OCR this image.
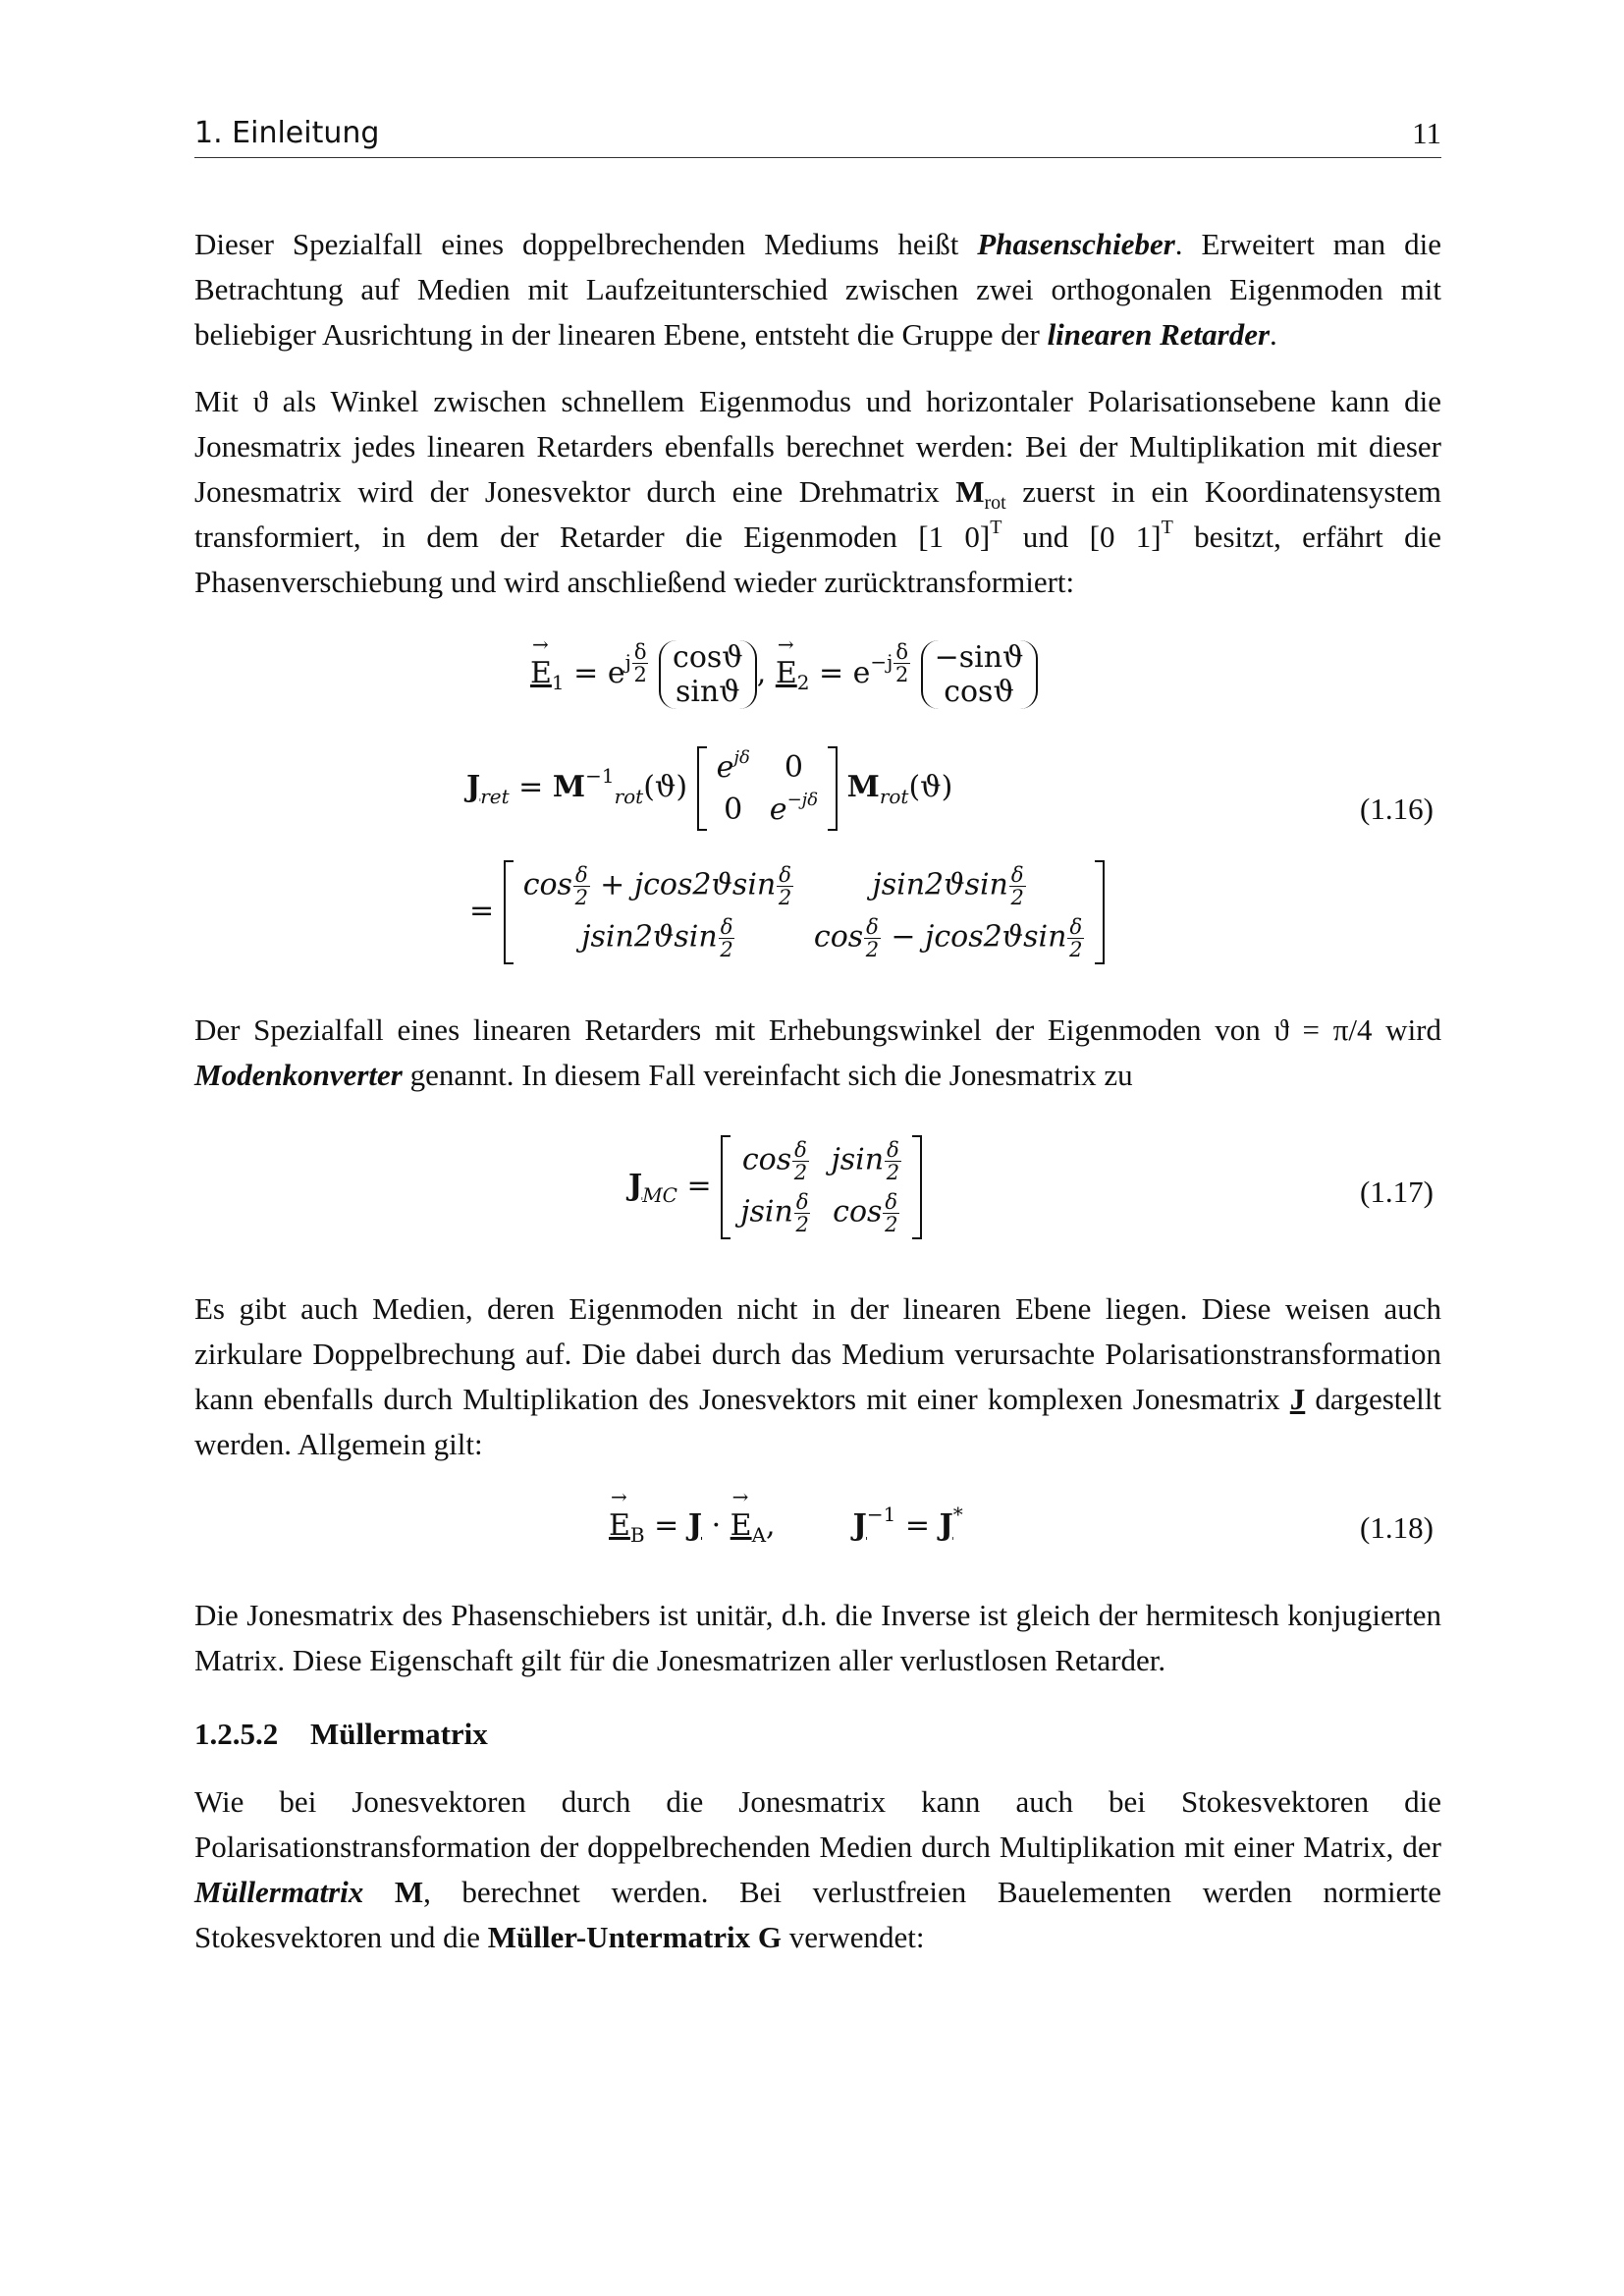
1. Einleitung	11

Dieser Spezialfall eines doppelbrechenden Mediums heißt Phasenschieber. Erweitert man die Betrachtung auf Medien mit Laufzeitunterschied zwischen zwei orthogonalen Eigenmoden mit beliebiger Ausrichtung in der linearen Ebene, entsteht die Gruppe der linearen Retarder.

Mit ϑ als Winkel zwischen schnellem Eigenmodus und horizontaler Polarisationsebene kann die Jonesmatrix jedes linearen Retarders ebenfalls berechnet werden: Bei der Multiplikation mit dieser Jonesmatrix wird der Jonesvektor durch eine Drehmatrix $M_{rot}$ zuerst in ein Koordinatensystem transformiert, in dem der Retarder die Eigenmoden [1 0]$^T$ und [0 1]$^T$ besitzt, erfährt die Phasenverschiebung und wird anschließend wieder zurücktransformiert:

→ $E_1 = e^{j \frac{\delta}{2}}$
cosϑ
sinϑ
, → $E_2 = e^{-j \frac{\delta}{2}}$
−sinϑ
cosϑ
$J_{ret} = M^{-1}_{rot}(ϑ)$
$e^{j\delta}$	0
0 $e^{-j\delta}$ $M_{rot}(ϑ)$
(1.16)
=
$\cos \frac{\delta}{2} + jcos2ϑ\sin \frac{\delta}{2}$	$jsin2ϑ\sin \frac{\delta}{2}$
$jsin2ϑ\sin \frac{\delta}{2}$	$\cos \frac{\delta}{2} - jcos2ϑ\sin \frac{\delta}{2}$

Der Spezialfall eines linearen Retarders mit Erhebungswinkel der Eigenmoden von ϑ = π/4 wird Modenkonverter genannt. In diesem Fall vereinfacht sich die Jonesmatrix zu

$J_{MC}$ =
$\cos \frac{\delta}{2}$ jsin $\frac{\delta}{2}$
jsin $\frac{\delta}{2}$ $\cos \frac{\delta}{2}$	(1.17)

Es gibt auch Medien, deren Eigenmoden nicht in der linearen Ebene liegen. Diese weisen auch zirkulare Doppelbrechung auf. Die dabei durch das Medium verursachte Polarisationstransformation kann ebenfalls durch Multiplikation des Jonesvektors mit einer komplexen Jonesmatrix J dargestellt werden. Allgemein gilt:

→ $E_B = J$ · → $E_A$,  $J^{-1} = J^*$	(1.18)

Die Jonesmatrix des Phasenschiebers ist unitär, d.h. die Inverse ist gleich der hermitesch konjugierten Matrix. Diese Eigenschaft gilt für die Jonesmatrizen aller verlustlosen Retarder.

1.2.5.2 Müllermatrix

Wie bei Jonesvektoren durch die Jonesmatrix kann auch bei Stokesvektoren die Polarisationstransformation der doppelbrechenden Medien durch Multiplikation mit einer Matrix, der Müllermatrix M, berechnet werden. Bei verlustfreien Bauelementen werden normierte Stokesvektoren und die Müller-Untermatrix G verwendet:
